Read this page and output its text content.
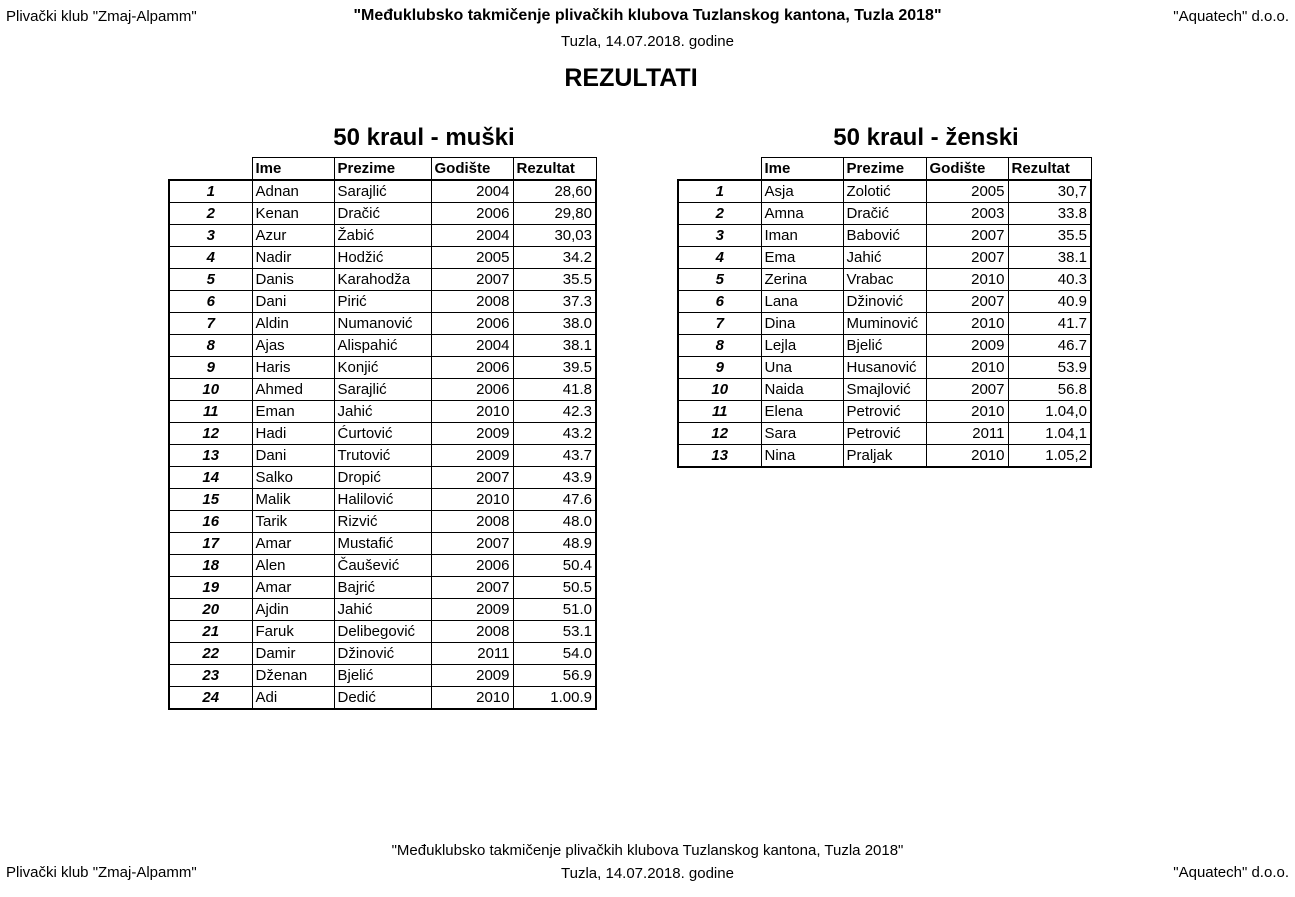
Plivački klub "Zmaj-Alpamm"	"Međuklubsko takmičenje plivačkih klubova Tuzlanskog kantona, Tuzla 2018"	"Aquatech" d.o.o.
Tuzla, 14.07.2018. godine
REZULTATI
50 kraul - muški
	Ime	Prezime	Godište	Rezultat
1	Adnan	Sarajlić	2004	28,60
2	Kenan	Dračić	2006	29,80
3	Azur	Žabić	2004	30,03
4	Nadir	Hodžić	2005	34.2
5	Danis	Karahodža	2007	35.5
6	Dani	Pirić	2008	37.3
7	Aldin	Numanović	2006	38.0
8	Ajas	Alispahić	2004	38.1
9	Haris	Konjić	2006	39.5
10	Ahmed	Sarajlić	2006	41.8
11	Eman	Jahić	2010	42.3
12	Hadi	Ćurtović	2009	43.2
13	Dani	Trutović	2009	43.7
14	Salko	Dropić	2007	43.9
15	Malik	Halilović	2010	47.6
16	Tarik	Rizvić	2008	48.0
17	Amar	Mustafić	2007	48.9
18	Alen	Čaušević	2006	50.4
19	Amar	Bajrić	2007	50.5
20	Ajdin	Jahić	2009	51.0
21	Faruk	Delibegović	2008	53.1
22	Damir	Džinović	2011	54.0
23	Dženan	Bjelić	2009	56.9
24	Adi	Dedić	2010	1.00.9
50 kraul - ženski
	Ime	Prezime	Godište	Rezultat
1	Asja	Zolotić	2005	30,7
2	Amna	Dračić	2003	33.8
3	Iman	Babović	2007	35.5
4	Ema	Jahić	2007	38.1
5	Zerina	Vrabac	2010	40.3
6	Lana	Džinović	2007	40.9
7	Dina	Muminović	2010	41.7
8	Lejla	Bjelić	2009	46.7
9	Una	Husanović	2010	53.9
10	Naida	Smajlović	2007	56.8
11	Elena	Petrović	2010	1.04,0
12	Sara	Petrović	2011	1.04,1
13	Nina	Praljak	2010	1.05,2
"Međuklubsko takmičenje plivačkih klubova Tuzlanskog kantona, Tuzla 2018"
Plivački klub "Zmaj-Alpamm"	Tuzla, 14.07.2018. godine	"Aquatech" d.o.o.
